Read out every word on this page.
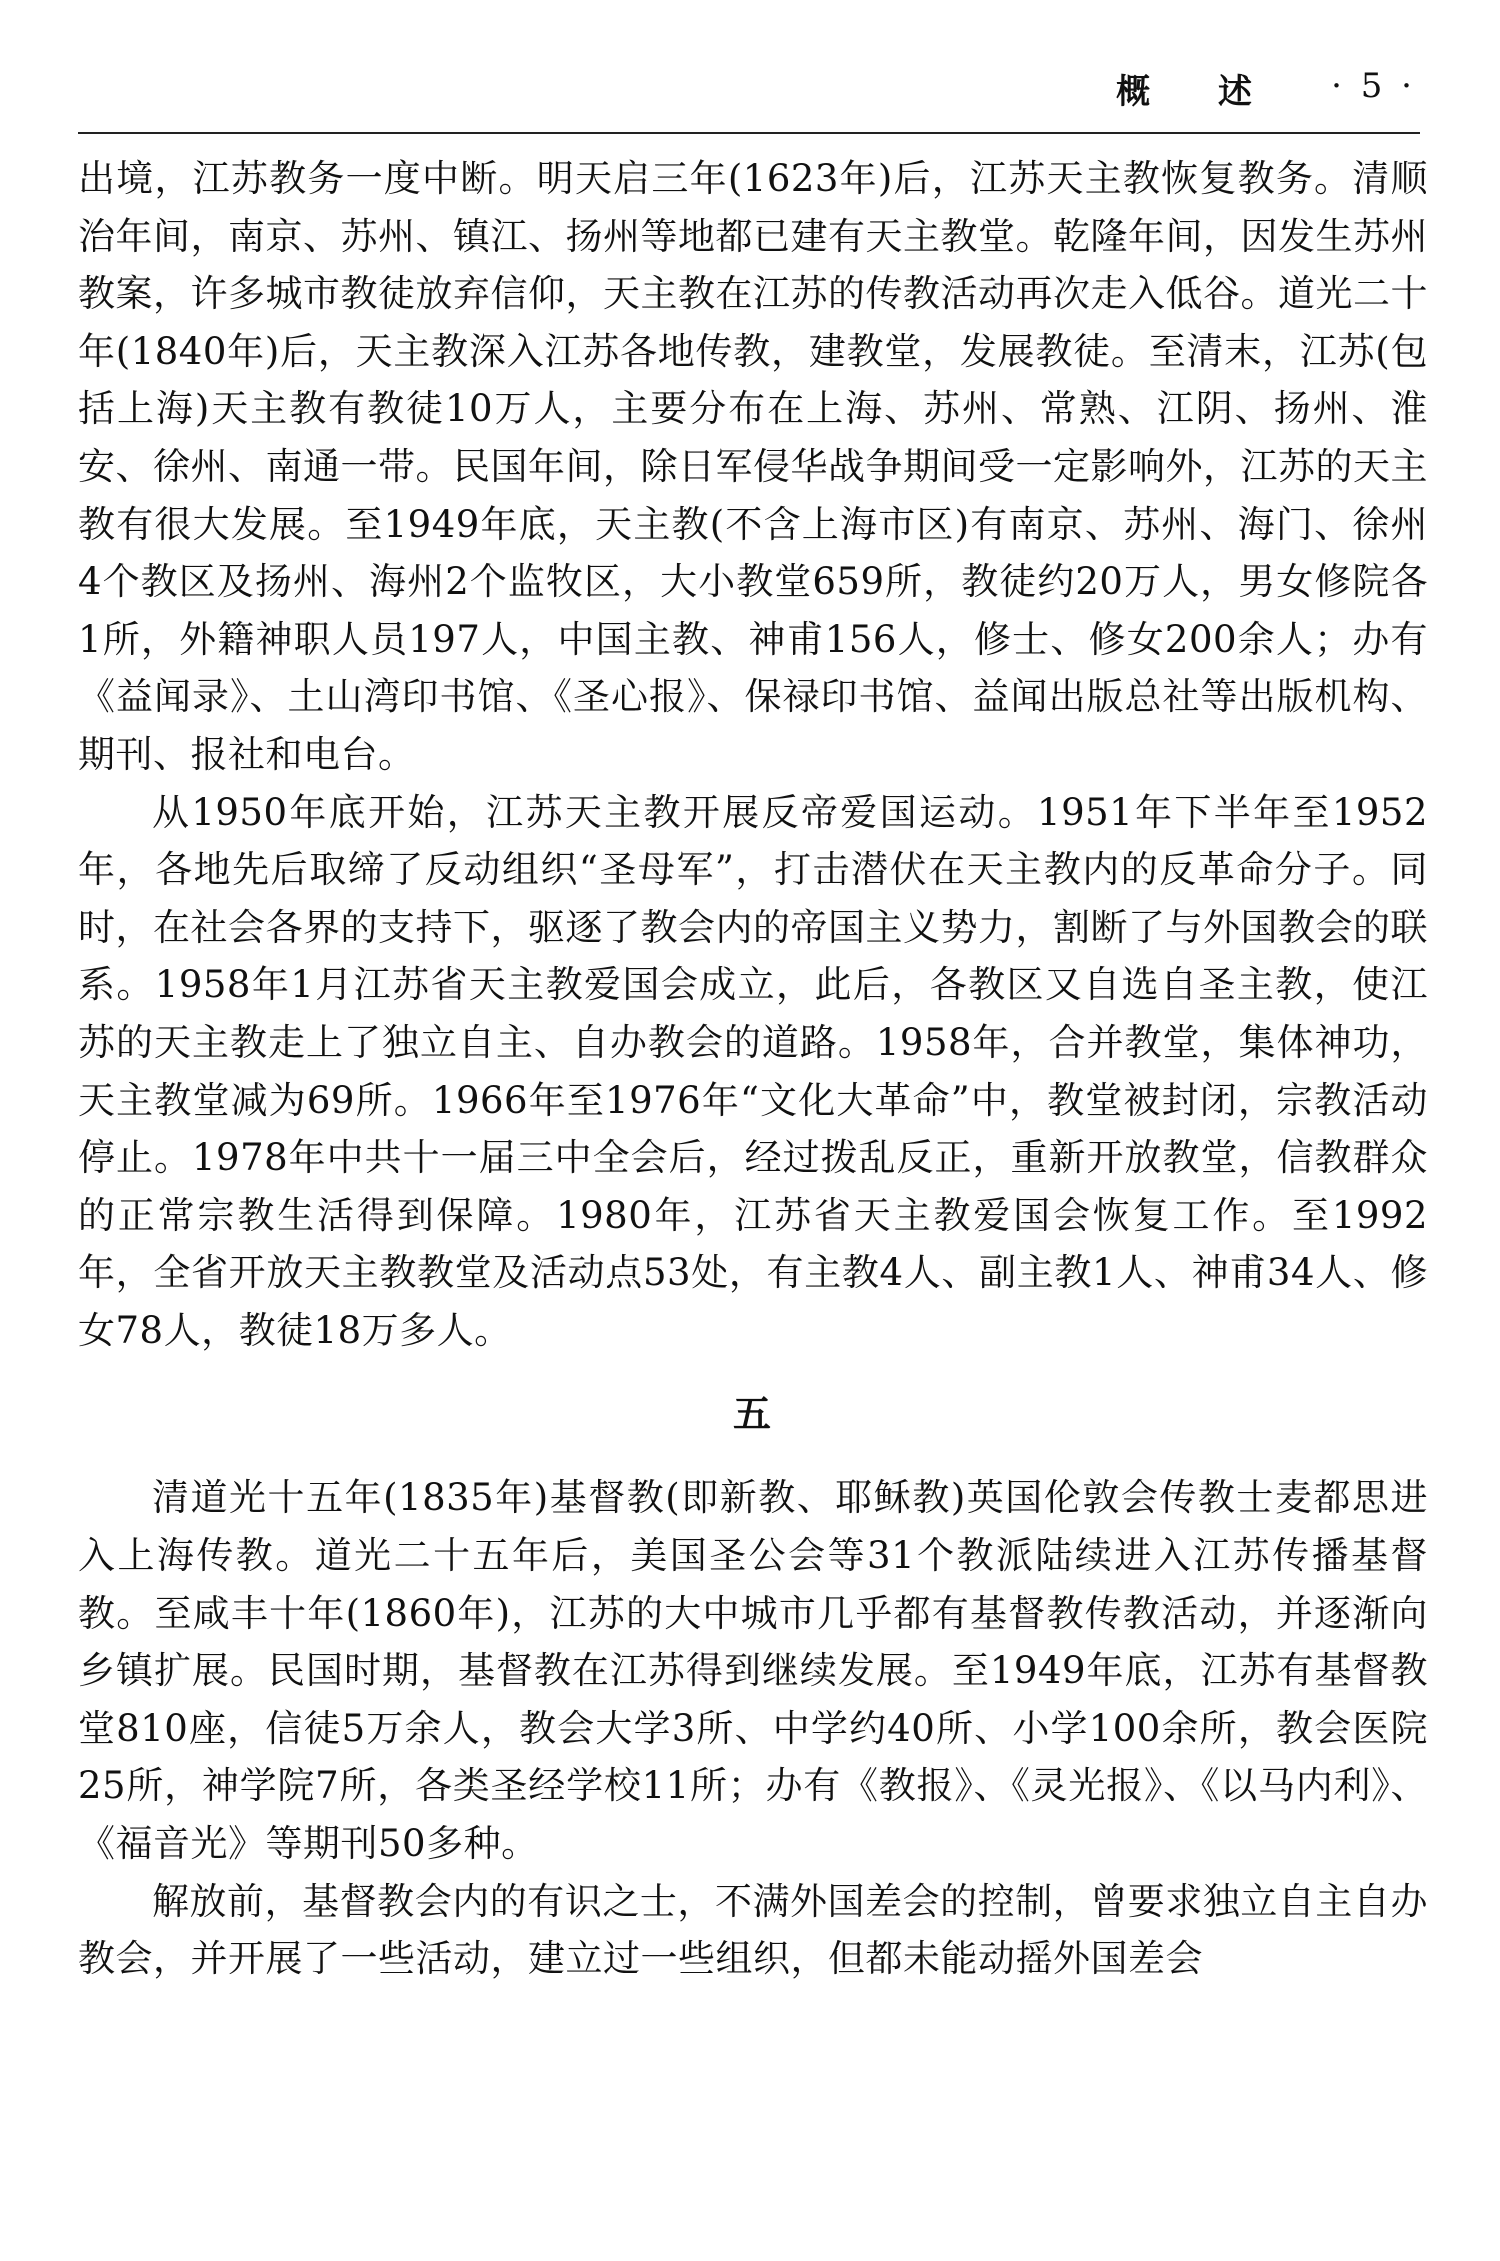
概 述 · 5 ·

出境，江苏教务一度中断。明天启三年(1623年)后，江苏天主教恢复教务。清顺治年间，南京、苏州、镇江、扬州等地都已建有天主教堂。乾隆年间，因发生苏州教案，许多城市教徒放弃信仰，天主教在江苏的传教活动再次走入低谷。道光二十年(1840年)后，天主教深入江苏各地传教，建教堂，发展教徒。至清末，江苏(包括上海)天主教有教徒10万人，主要分布在上海、苏州、常熟、江阴、扬州、淮安、徐州、南通一带。民国年间，除日军侵华战争期间受一定影响外，江苏的天主教有很大发展。至1949年底，天主教(不含上海市区)有南京、苏州、海门、徐州4个教区及扬州、海州2个监牧区，大小教堂659所，教徒约20万人，男女修院各1所，外籍神职人员197人，中国主教、神甫156人，修士、修女200余人；办有《益闻录》、土山湾印书馆、《圣心报》、保禄印书馆、益闻出版总社等出版机构、期刊、报社和电台。

从1950年底开始，江苏天主教开展反帝爱国运动。1951年下半年至1952年，各地先后取缔了反动组织“圣母军”，打击潜伏在天主教内的反革命分子。同时，在社会各界的支持下，驱逐了教会内的帝国主义势力，割断了与外国教会的联系。1958年1月江苏省天主教爱国会成立，此后，各教区又自选自圣主教，使江苏的天主教走上了独立自主、自办教会的道路。1958年，合并教堂，集体神功，天主教堂减为69所。1966年至1976年“文化大革命”中，教堂被封闭，宗教活动停止。1978年中共十一届三中全会后，经过拨乱反正，重新开放教堂，信教群众的正常宗教生活得到保障。1980年，江苏省天主教爱国会恢复工作。至1992年，全省开放天主教教堂及活动点53处，有主教4人、副主教1人、神甫34人、修女78人，教徒18万多人。

五

清道光十五年(1835年)基督教(即新教、耶稣教)英国伦敦会传教士麦都思进入上海传教。道光二十五年后，美国圣公会等31个教派陆续进入江苏传播基督教。至咸丰十年(1860年)，江苏的大中城市几乎都有基督教传教活动，并逐渐向乡镇扩展。民国时期，基督教在江苏得到继续发展。至1949年底，江苏有基督教堂810座，信徒5万余人，教会大学3所、中学约40所、小学100余所，教会医院25所，神学院7所，各类圣经学校11所；办有《教报》、《灵光报》、《以马内利》、《福音光》等期刊50多种。

解放前，基督教会内的有识之士，不满外国差会的控制，曾要求独立自主自办教会，并开展了一些活动，建立过一些组织，但都未能动摇外国差会
